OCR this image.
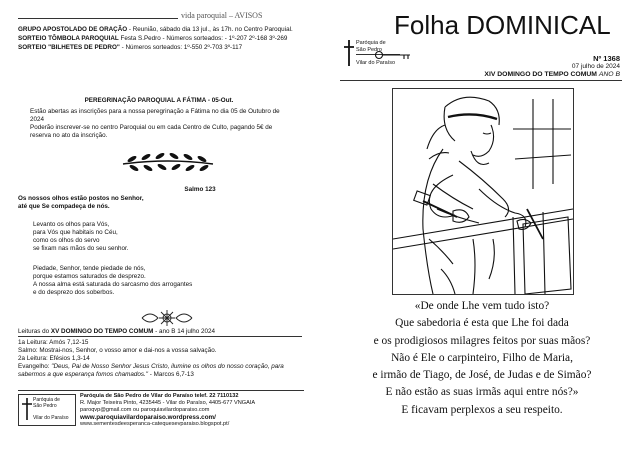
vida paroquial – AVISOS

GRUPO APOSTOLADO DE ORAÇÃO - Reunião, sábado dia 13 jul., às 17h. no Centro Paroquial.

SORTEIO TÔMBOLA PAROQUIAL Festa S.Pedro - Números sorteados: - 1º-207 2º-168 3º-269

SORTEIO "BILHETES DE PEDRO" - Números sorteados: 1º-550 2º-703 3º-117

PEREGRINAÇÃO PAROQUIAL A FÁTIMA - 05-Out.

Estão abertas as inscrições para a nossa peregrinação a Fátima no dia 05 de Outubro de 2024

Poderão inscrever-se no centro Paroquial ou em cada Centro de Culto, pagando 5€ de reserva no ato da inscrição.

Salmo 123

Os nossos olhos estão postos no Senhor,

até que Se compadeça de nós.

Levanto os olhos para Vós,

para Vós que habitais no Céu,

como os olhos do servo

se fixam nas mãos do seu senhor.

Piedade, Senhor, tende piedade de nós,

porque estamos saturados de desprezo.

A nossa alma está saturada do sarcasmo dos arrogantes

e do desprezo dos soberbos.

Leituras do XV DOMINGO DO TEMPO COMUM - ano B 14 julho 2024

1a Leitura: Amós 7,12-15

Salmo: Mostrai-nos, Senhor, o vosso amor e dai-nos a vossa salvação.

2a Leitura: Efésios 1,3-14

Evangelho: "Deus, Pai de Nosso Senhor Jesus Cristo, ilumine os olhos do nosso coração, para sabermos a que esperança fomos chamados." - Marcos 6,7-13

Paróquia de

São Pedro

Vilar do Paraíso

Paróquia de São Pedro de Vilar do Paraíso telef. 22 7110132

R. Major Teixeira Pinto, 4235445 - Vilar do Paraíso, 4405-677 VNGAIA

paroqvp@gmail.com ou paroquiavilardoparaiso.com

www.paroquiavilardoparaiso.wordpress.com/

www.sementesdeesperanca-catequesevparaiso.blogspot.pt/

Folha DOMINICAL

Paróquia de

São Pedro

Vilar do Paraíso	Nº 1368
07 julho de 2024
XIV DOMINGO DO TEMPO COMUM ANO B

«De onde Lhe vem tudo isto?

Que sabedoria é esta que Lhe foi dada

e os prodigiosos milagres feitos por suas mãos?

Não é Ele o carpinteiro, Filho de Maria,

e irmão de Tiago, de José, de Judas e de Simão?

E não estão as suas irmãs aqui entre nós?»

E ficavam perplexos a seu respeito.
